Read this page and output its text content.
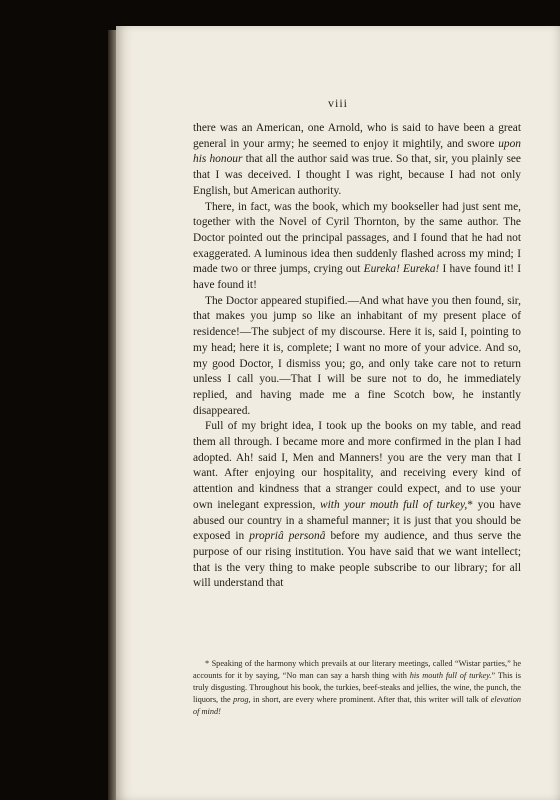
viii

there was an American, one Arnold, who is said to have been a great general in your army; he seemed to enjoy it mightily, and swore upon his honour that all the author said was true. So that, sir, you plainly see that I was deceived. I thought I was right, because I had not only English, but American authority.

There, in fact, was the book, which my bookseller had just sent me, together with the Novel of Cyril Thornton, by the same author. The Doctor pointed out the principal passages, and I found that he had not exaggerated. A luminous idea then suddenly flashed across my mind; I made two or three jumps, crying out Eureka! Eureka! I have found it! I have found it!

The Doctor appeared stupified.—And what have you then found, sir, that makes you jump so like an inhabitant of my present place of residence!—The subject of my discourse. Here it is, said I, pointing to my head; here it is, complete; I want no more of your advice. And so, my good Doctor, I dismiss you; go, and only take care not to return unless I call you.—That I will be sure not to do, he immediately replied, and having made me a fine Scotch bow, he instantly disappeared.

Full of my bright idea, I took up the books on my table, and read them all through. I became more and more confirmed in the plan I had adopted. Ah! said I, Men and Manners! you are the very man that I want. After enjoying our hospitality, and receiving every kind of attention and kindness that a stranger could expect, and to use your own inelegant expression, with your mouth full of turkey,* you have abused our country in a shameful manner; it is just that you should be exposed in propriâ personâ before my audience, and thus serve the purpose of our rising institution. You have said that we want intellect; that is the very thing to make people subscribe to our library; for all will understand that

* Speaking of the harmony which prevails at our literary meetings, called “Wistar parties,” he accounts for it by saying, “No man can say a harsh thing with his mouth full of turkey.” This is truly disgusting. Throughout his book, the turkies, beef-steaks and jellies, the wine, the punch, the liquors, the prog, in short, are every where prominent. After that, this writer will talk of elevation of mind!
